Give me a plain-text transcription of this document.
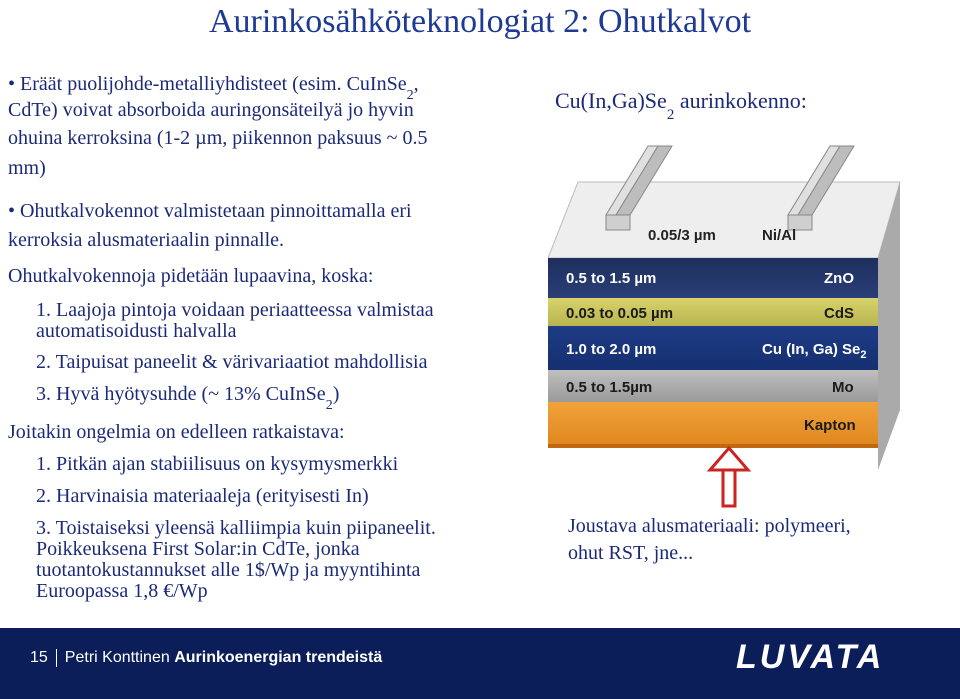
Aurinkosähköteknologiat 2: Ohutkalvot
• Eräät puolijohde-metalliyhdisteet (esim. CuInSe$_2$,
CdTe) voivat absorboida auringonsäteilyä jo hyvin
ohuina kerroksina (1-2 µm, piikennon paksuus ~ 0.5
mm)
• Ohutkalvokennot valmistetaan pinnoittamalla eri
kerroksia alusmateriaalin pinnalle.
Ohutkalvokennoja pidetään lupaavina, koska:
1. Laajoja pintoja voidaan periaatteessa valmistaa
automatisoidusti halvalla
2. Taipuisat paneelit & värivariaatiot mahdollisia
3. Hyvä hyötysuhde (~ 13% CuInSe$_2$)
Joitakin ongelmia on edelleen ratkaistava:
1. Pitkän ajan stabiilisuus on kysymysmerkki
2. Harvinaisia materiaaleja (erityisesti In)
3. Toistaiseksi yleensä kalliimpia kuin piipaneelit.
Poikkeuksena First Solar:in CdTe, jonka
tuotantokustannukset alle 1$/Wp ja myyntihinta
Euroopassa 1,8 €/Wp
$Cu(In,Ga)Se_2$ aurinkokenno:
0.05/3 µm	Ni/Al
0.5 to 1.5 µm	ZnO
0.03 to 0.05 µm	CdS
1.0 to 2.0 µm	Cu (In, Ga) $Se_2$
0.5 to 1.5µm	Mo
Kapton
Joustava alusmateriaali: polymeeri,
ohut RST, jne...
15 Petri Konttinen Aurinkoenergian trendeistä	LUVATA
